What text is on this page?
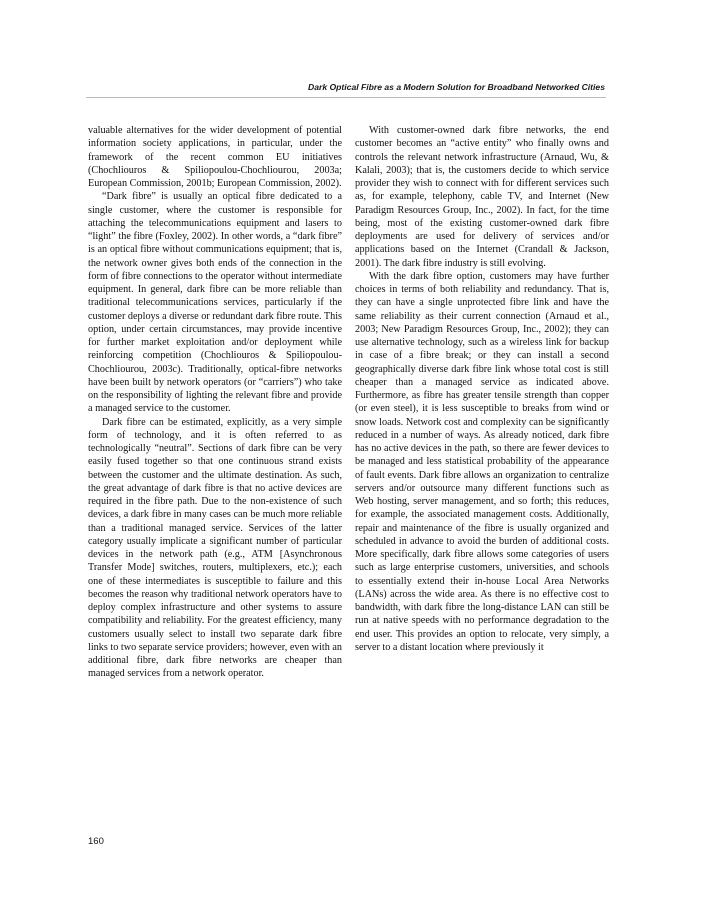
Dark Optical Fibre as a Modern Solution for Broadband Networked Cities

valuable alternatives for the wider development of potential information society applications, in particular, under the framework of the recent common EU initiatives (Chochliouros & Spiliopoulou-Chochliourou, 2003a; European Commission, 2001b; European Commission, 2002).

“Dark fibre” is usually an optical fibre dedicated to a single customer, where the customer is responsible for attaching the telecommunications equipment and lasers to “light” the fibre (Foxley, 2002). In other words, a “dark fibre” is an optical fibre without communications equipment; that is, the network owner gives both ends of the connection in the form of fibre connections to the operator without intermediate equipment. In general, dark fibre can be more reliable than traditional telecommunications services, particularly if the customer deploys a diverse or redundant dark fibre route. This option, under certain circumstances, may provide incentive for further market exploitation and/or deployment while reinforcing competition (Chochliouros & Spiliopoulou-Chochliourou, 2003c). Traditionally, optical-fibre networks have been built by network operators (or “carriers”) who take on the responsibility of lighting the relevant fibre and provide a managed service to the customer.

Dark fibre can be estimated, explicitly, as a very simple form of technology, and it is often referred to as technologically “neutral”. Sections of dark fibre can be very easily fused together so that one continuous strand exists between the customer and the ultimate destination. As such, the great advantage of dark fibre is that no active devices are required in the fibre path. Due to the non-existence of such devices, a dark fibre in many cases can be much more reliable than a traditional managed service. Services of the latter category usually implicate a significant number of particular devices in the network path (e.g., ATM [Asynchronous Transfer Mode] switches, routers, multiplexers, etc.); each one of these intermediates is susceptible to failure and this becomes the reason why traditional network operators have to deploy complex infrastructure and other systems to assure compatibility and reliability. For the greatest efficiency, many customers usually select to install two separate dark fibre links to two separate service providers; however, even with an additional fibre, dark fibre networks are cheaper than managed services from a network operator.

With customer-owned dark fibre networks, the end customer becomes an “active entity” who finally owns and controls the relevant network infrastructure (Arnaud, Wu, & Kalali, 2003); that is, the customers decide to which service provider they wish to connect with for different services such as, for example, telephony, cable TV, and Internet (New Paradigm Resources Group, Inc., 2002). In fact, for the time being, most of the existing customer-owned dark fibre deployments are used for delivery of services and/or applications based on the Internet (Crandall & Jackson, 2001). The dark fibre industry is still evolving.

With the dark fibre option, customers may have further choices in terms of both reliability and redundancy. That is, they can have a single unprotected fibre link and have the same reliability as their current connection (Arnaud et al., 2003; New Paradigm Resources Group, Inc., 2002); they can use alternative technology, such as a wireless link for backup in case of a fibre break; or they can install a second geographically diverse dark fibre link whose total cost is still cheaper than a managed service as indicated above. Furthermore, as fibre has greater tensile strength than copper (or even steel), it is less susceptible to breaks from wind or snow loads. Network cost and complexity can be significantly reduced in a number of ways. As already noticed, dark fibre has no active devices in the path, so there are fewer devices to be managed and less statistical probability of the appearance of fault events. Dark fibre allows an organization to centralize servers and/or outsource many different functions such as Web hosting, server management, and so forth; this reduces, for example, the associated management costs. Additionally, repair and maintenance of the fibre is usually organized and scheduled in advance to avoid the burden of additional costs. More specifically, dark fibre allows some categories of users such as large enterprise customers, universities, and schools to essentially extend their in-house Local Area Networks (LANs) across the wide area. As there is no effective cost to bandwidth, with dark fibre the long-distance LAN can still be run at native speeds with no performance degradation to the end user. This provides an option to relocate, very simply, a server to a distant location where previously it

160
